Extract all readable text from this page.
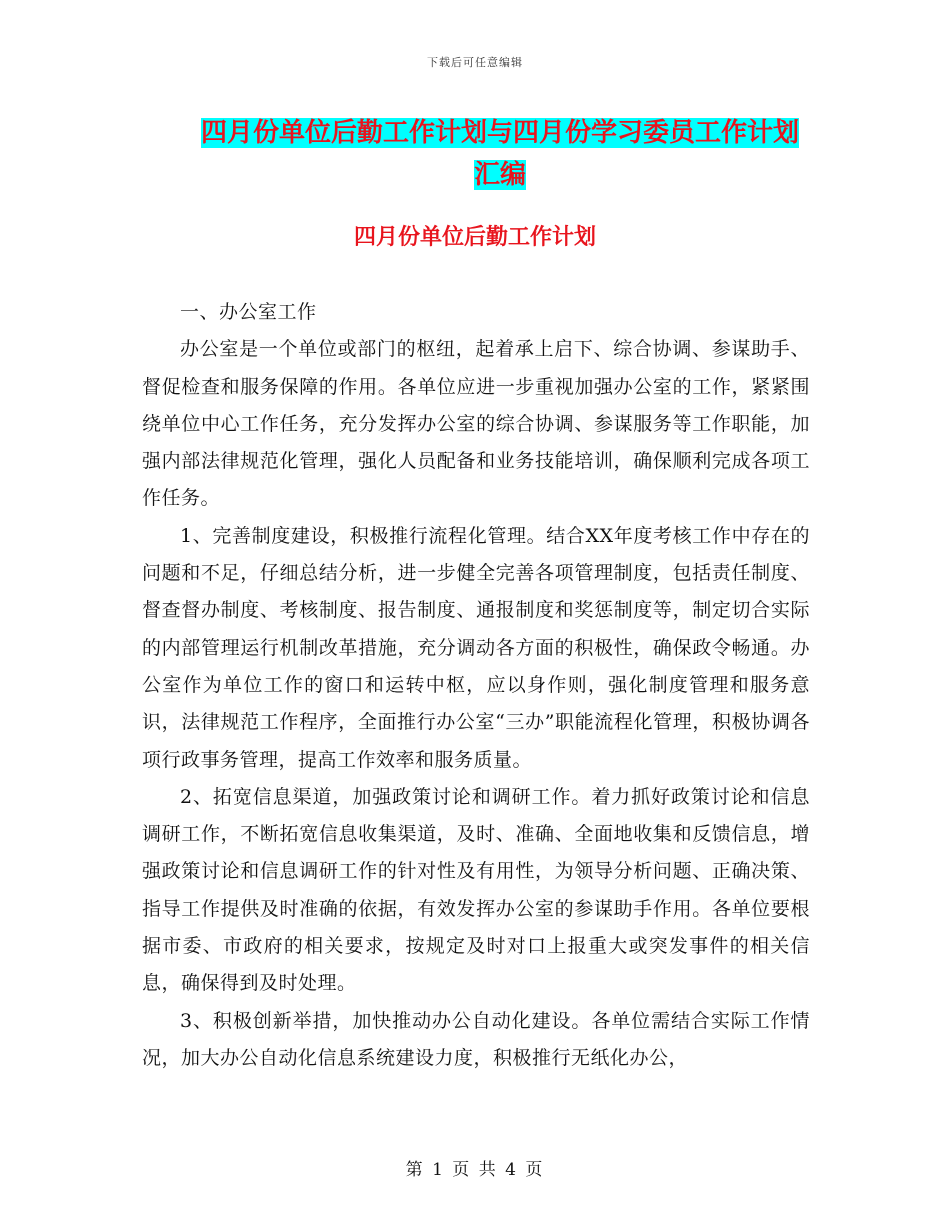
下载后可任意编辑
四月份单位后勤工作计划与四月份学习委员工作计划
汇编
四月份单位后勤工作计划

一、办公室工作

办公室是一个单位或部门的枢纽，起着承上启下、综合协调、参谋助手、督促检查和服务保障的作用。各单位应进一步重视加强办公室的工作，紧紧围绕单位中心工作任务，充分发挥办公室的综合协调、参谋服务等工作职能，加强内部法律规范化管理，强化人员配备和业务技能培训，确保顺利完成各项工作任务。

1、完善制度建设，积极推行流程化管理。结合XX年度考核工作中存在的问题和不足，仔细总结分析，进一步健全完善各项管理制度，包括责任制度、督查督办制度、考核制度、报告制度、通报制度和奖惩制度等，制定切合实际的内部管理运行机制改革措施，充分调动各方面的积极性，确保政令畅通。办公室作为单位工作的窗口和运转中枢，应以身作则，强化制度管理和服务意识，法律规范工作程序，全面推行办公室“三办”职能流程化管理，积极协调各项行政事务管理，提高工作效率和服务质量。

2、拓宽信息渠道，加强政策讨论和调研工作。着力抓好政策讨论和信息调研工作，不断拓宽信息收集渠道，及时、准确、全面地收集和反馈信息，增强政策讨论和信息调研工作的针对性及有用性，为领导分析问题、正确决策、指导工作提供及时准确的依据，有效发挥办公室的参谋助手作用。各单位要根据市委、市政府的相关要求，按规定及时对口上报重大或突发事件的相关信息，确保得到及时处理。

3、积极创新举措，加快推动办公自动化建设。各单位需结合实际工作情况，加大办公自动化信息系统建设力度，积极推行无纸化办公，

第 1 页 共 4 页
